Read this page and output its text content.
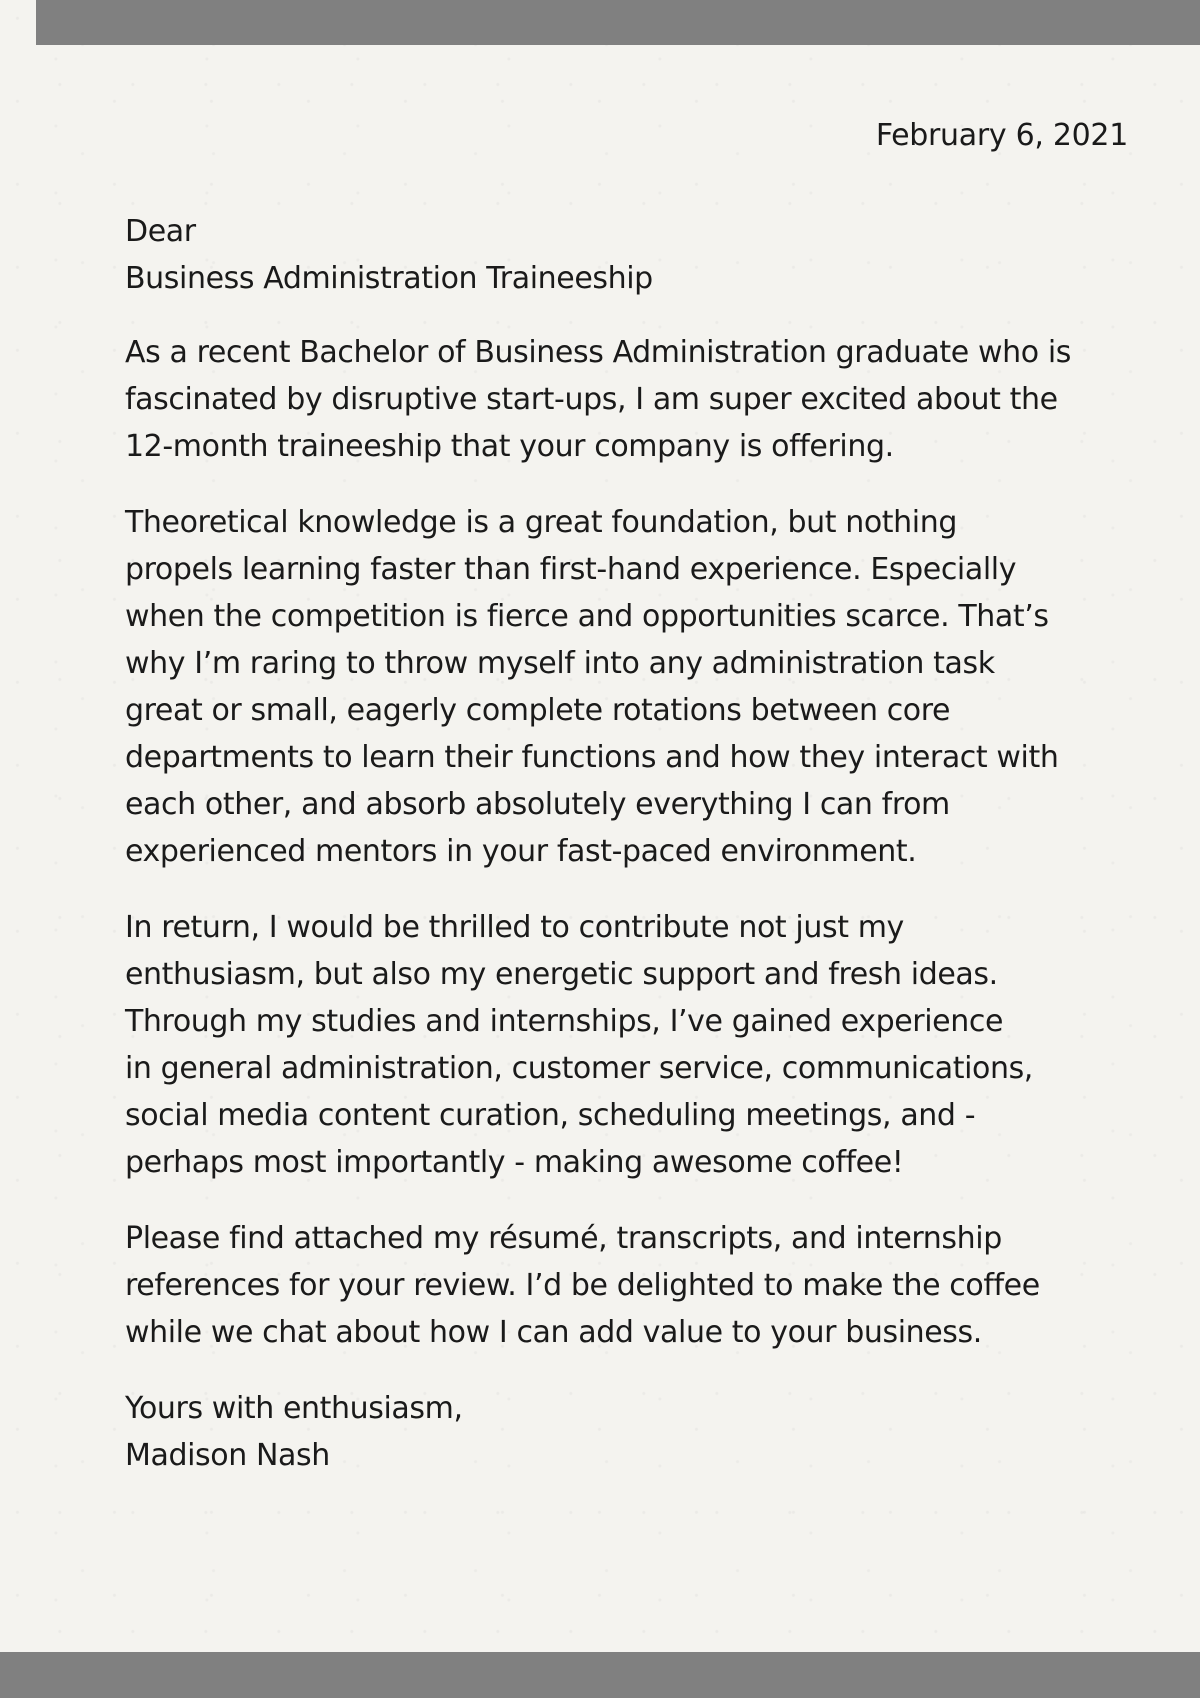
February 6, 2021

Dear
Business Administration Traineeship

As a recent Bachelor of Business Administration graduate who is
fascinated by disruptive start-ups, I am super excited about the
12-month traineeship that your company is offering.

Theoretical knowledge is a great foundation, but nothing
propels learning faster than first-hand experience. Especially
when the competition is fierce and opportunities scarce. That’s
why I’m raring to throw myself into any administration task
great or small, eagerly complete rotations between core
departments to learn their functions and how they interact with
each other, and absorb absolutely everything I can from
experienced mentors in your fast-paced environment.

In return, I would be thrilled to contribute not just my
enthusiasm, but also my energetic support and fresh ideas.
Through my studies and internships, I’ve gained experience
in general administration, customer service, communications,
social media content curation, scheduling meetings, and -
perhaps most importantly - making awesome coffee!

Please find attached my résumé, transcripts, and internship
references for your review. I’d be delighted to make the coffee
while we chat about how I can add value to your business.

Yours with enthusiasm,
Madison Nash
